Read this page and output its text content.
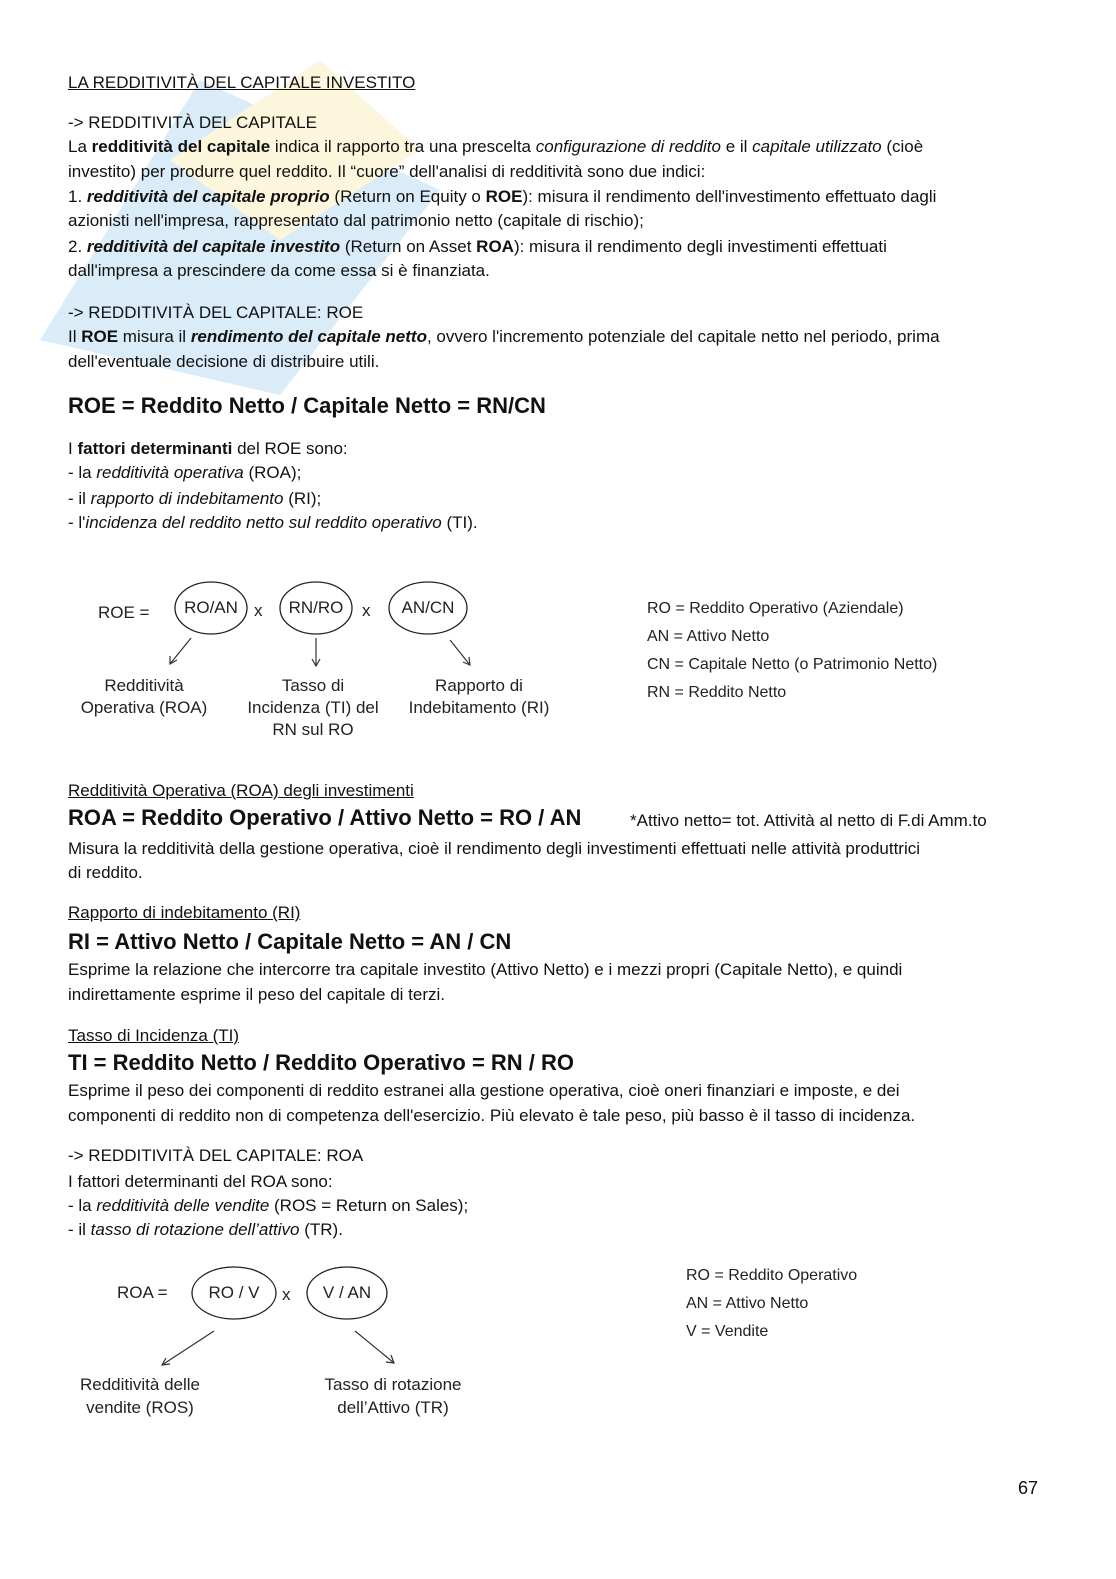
LA REDDITIVITÀ DEL CAPITALE INVESTITO
-> REDDITIVITÀ DEL CAPITALE
La redditività del capitale indica il rapporto tra una prescelta configurazione di reddito e il capitale utilizzato (cioè
investito) per produrre quel reddito. Il “cuore” dell'analisi di redditività sono due indici:
1. redditività del capitale proprio (Return on Equity o ROE): misura il rendimento dell'investimento effettuato dagli
azionisti nell'impresa, rappresentato dal patrimonio netto (capitale di rischio);
2. redditività del capitale investito (Return on Asset ROA): misura il rendimento degli investimenti effettuati
dall'impresa a prescindere da come essa si è finanziata.
-> REDDITIVITÀ DEL CAPITALE: ROE
Il ROE misura il rendimento del capitale netto, ovvero l'incremento potenziale del capitale netto nel periodo, prima
dell'eventuale decisione di distribuire utili.
ROE = Reddito Netto / Capitale Netto = RN/CN
I fattori determinanti del ROE sono:
- la redditività operativa (ROA);
- il rapporto di indebitamento (RI);
- l'incidenza del reddito netto sul reddito operativo (TI).
ROE =	RO/AN x	RN/RO	x	AN/CN
Redditività
Operativa (ROA)
Tasso di
Incidenza (TI) del
RN sul RO
Rapporto di
Indebitamento (RI)
RO = Reddito Operativo (Aziendale)
AN = Attivo Netto
CN = Capitale Netto (o Patrimonio Netto)
RN = Reddito Netto
Redditività Operativa (ROA) degli investimenti
ROA = Reddito Operativo / Attivo Netto = RO / AN	*Attivo netto= tot. Attività al netto di F.di Amm.to
Misura la redditività della gestione operativa, cioè il rendimento degli investimenti effettuati nelle attività produttrici
di reddito.
Rapporto di indebitamento (RI)
RI = Attivo Netto / Capitale Netto = AN / CN
Esprime la relazione che intercorre tra capitale investito (Attivo Netto) e i mezzi propri (Capitale Netto), e quindi
indirettamente esprime il peso del capitale di terzi.
Tasso di Incidenza (TI)
TI = Reddito Netto / Reddito Operativo = RN / RO
Esprime il peso dei componenti di reddito estranei alla gestione operativa, cioè oneri finanziari e imposte, e dei
componenti di reddito non di competenza dell'esercizio. Più elevato è tale peso, più basso è il tasso di incidenza.
-> REDDITIVITÀ DEL CAPITALE: ROA
I fattori determinanti del ROA sono:
- la redditività delle vendite (ROS = Return on Sales);
- il tasso di rotazione dell’attivo (TR).
ROA =	RO / V	x	V / AN
Redditività delle
vendite (ROS)
Tasso di rotazione
dell’Attivo (TR)
RO = Reddito Operativo
AN = Attivo Netto
V = Vendite
67
